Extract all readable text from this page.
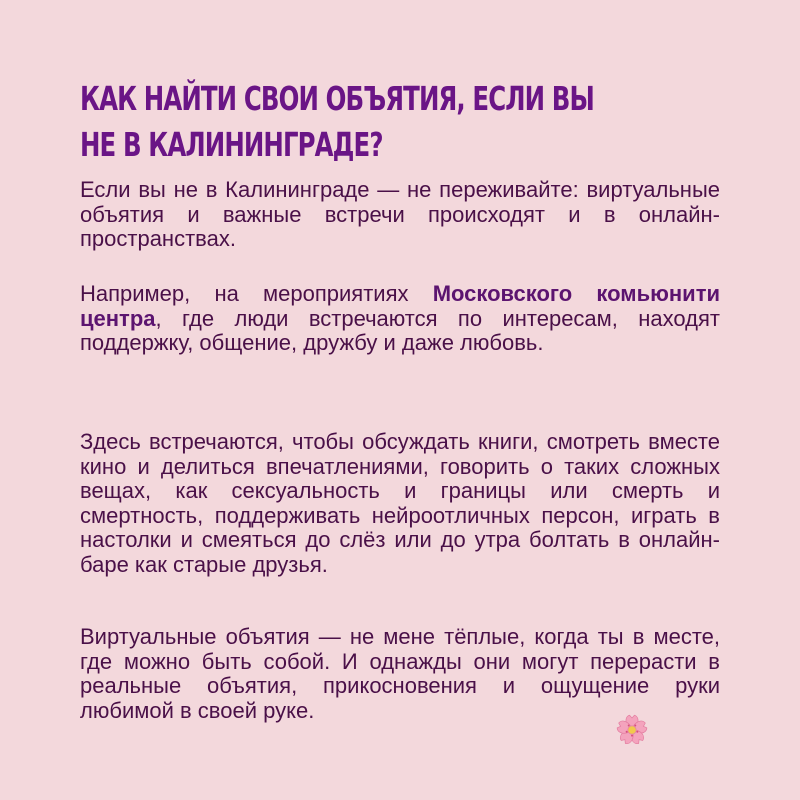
КАК НАЙТИ СВОИ ОБЪЯТИЯ, ЕСЛИ ВЫ
НЕ В КАЛИНИНГРАДЕ?

Если вы не в Калининграде — не переживайте: виртуальные объятия и важные встречи происходят и в онлайн-пространствах.

Например, на мероприятиях Московского комьюнити центра, где люди встречаются по интересам, находят поддержку, общение, дружбу и даже любовь.

Здесь встречаются, чтобы обсуждать книги, смотреть вместе кино и делиться впечатлениями, говорить о таких сложных вещах, как сексуальность и границы или смерть и смертность, поддерживать нейроотличных персон, играть в настолки и смеяться до слёз или до утра болтать в онлайн-баре как старые друзья.

Виртуальные объятия — не мене тёплые, когда ты в месте, где можно быть собой. И однажды они могут перерасти в реальные объятия, прикосновения и ощущение руки любимой в своей руке.
